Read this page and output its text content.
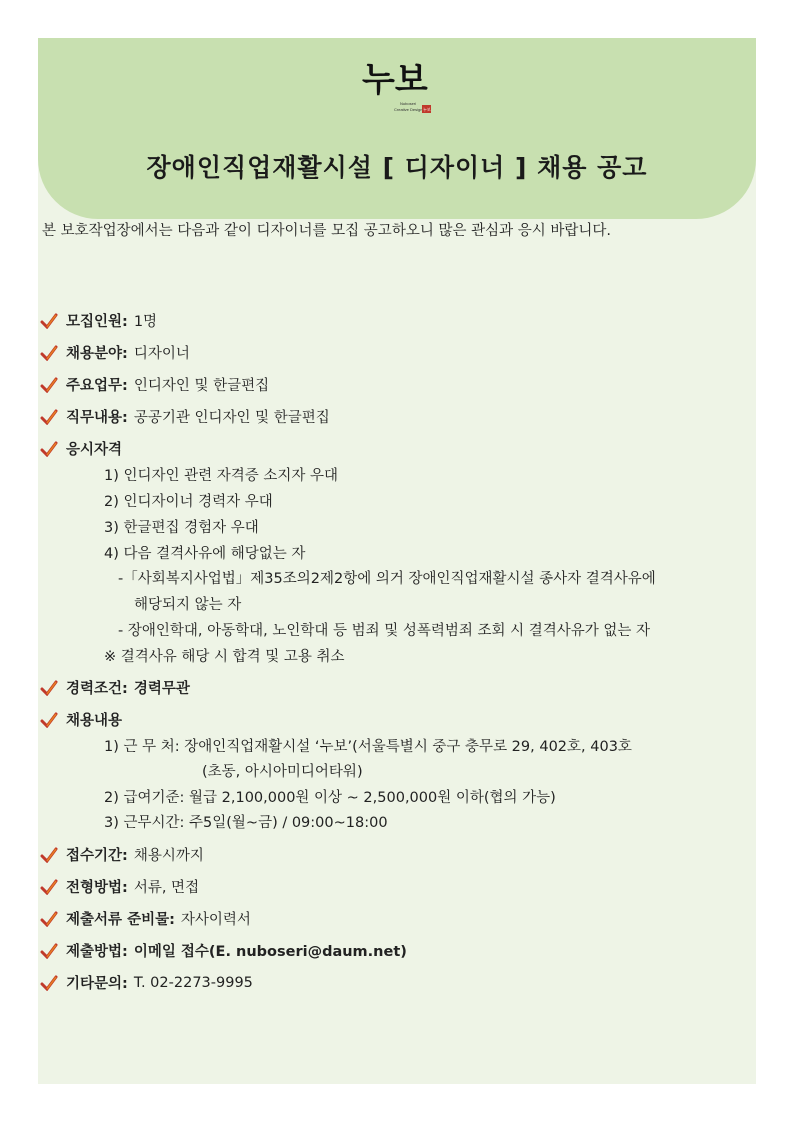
누보
Nuboseri
Creative Design 누보
장애인직업재활시설 [ 디자이너 ] 채용 공고
본 보호작업장에서는 다음과 같이 디자이너를 모집 공고하오니 많은 관심과 응시 바랍니다.
모집인원: 1명
채용분야: 디자이너
주요업무: 인디자인 및 한글편집
직무내용: 공공기관 인디자인 및 한글편집
응시자격
1) 인디자인 관련 자격증 소지자 우대
2) 인디자이너 경력자 우대
3) 한글편집 경험자 우대
4) 다음 결격사유에 해당없는 자
-「사회복지사업법」제35조의2제2항에 의거 장애인직업재활시설 종사자 결격사유에
해당되지 않는 자
- 장애인학대, 아동학대, 노인학대 등 범죄 및 성폭력범죄 조회 시 결격사유가 없는 자
※ 결격사유 해당 시 합격 및 고용 취소
경력조건: 경력무관
채용내용
1) 근 무 처: 장애인직업재활시설 ‘누보’(서울특별시 중구 충무로 29, 402호, 403호
(초동, 아시아미디어타워)
2) 급여기준: 월급 2,100,000원 이상 ~ 2,500,000원 이하(협의 가능)
3) 근무시간: 주5일(월~금) / 09:00~18:00
접수기간: 채용시까지
전형방법: 서류, 면접
제출서류 준비물: 자사이력서
제출방법: 이메일 접수(E. nuboseri@daum.net)
기타문의: T. 02-2273-9995
